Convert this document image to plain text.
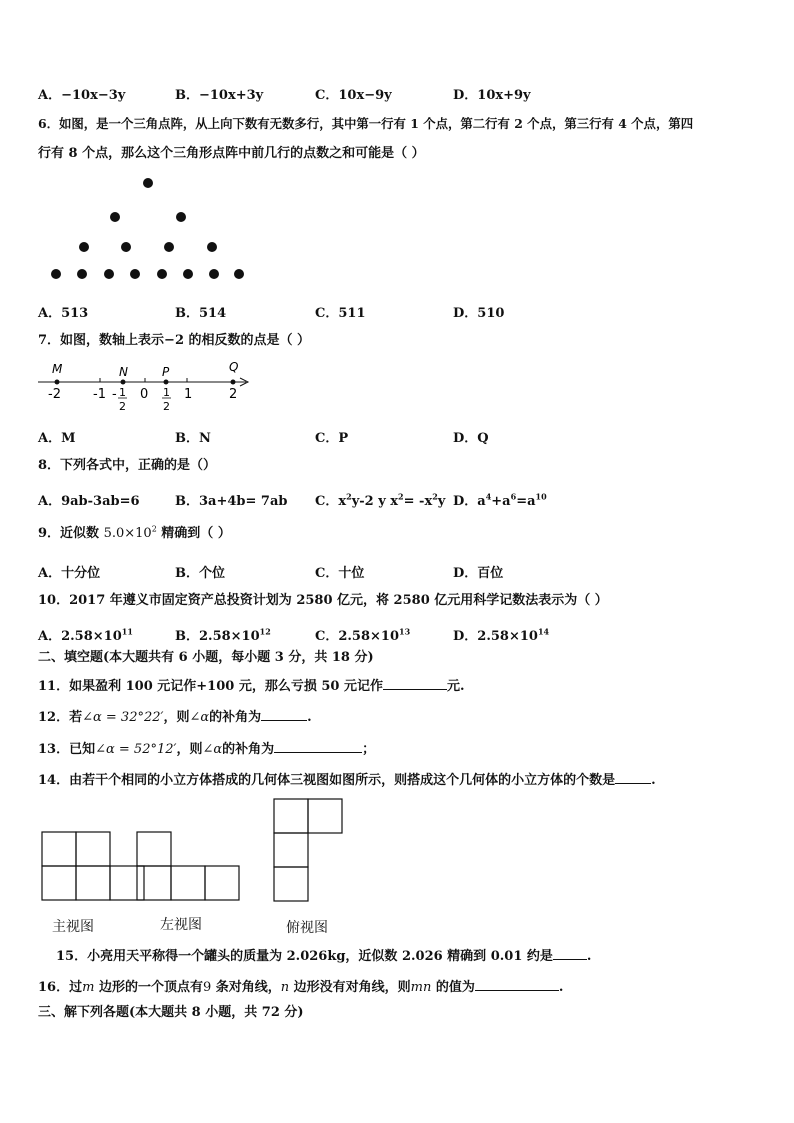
A．−10x−3y	B．−10x+3y	C．10x−9y	D．10x+9y
6．如图，是一个三角点阵，从上向下数有无数多行，其中第一行有 1 个点，第二行有 2 个点，第三行有 4 个点，第四
行有 8 个点，那么这个三角形点阵中前几行的点数之和可能是（ ）
A．513	B．514	C．511	D．510
7．如图，数轴上表示−2 的相反数的点是（ ）
M	N	P	Q
-2 -1	0	1	2
- 1
2
1
2
A．M	B．N	C．P	D．Q
8．下列各式中，正确的是（）
A．9ab-3ab=6	B．3a+4b= 7ab C．$x^2y-2$ y $x^2= -x^2y$ D．$a^4+a^6=a^{10}$
9．近似数 $5.0\times 10^2$ 精确到（ ）
A．十分位	B．个位	C．十位	D．百位
10．2017 年遵义市固定资产总投资计划为 2580 亿元，将 2580 亿元用科学记数法表示为（ ）
A．$2.58\times 10^{11}$	B．$2.58\times 10^{12}$	C．$2.58\times 10^{13}$	D．$2.58\times 10^{14}$
二、填空题(本大题共有 6 小题，每小题 3 分，共 18 分)
11．如果盈利 100 元记作+100 元，那么亏损 50 元记作	元.
12．若∠α = 32°22′，则∠α的补角为	.
13．已知∠α = 52°12′，则∠α的补角为	；
14．由若干个相同的小立方体搭成的几何体三视图如图所示，则搭成这个几何体的小立方体的个数是	.
主视图	左视图	俯视图
15．小亮用天平称得一个罐头的质量为 2.026kg，近似数 2.026 精确到 0.01 约是	.
16．过m 边形的一个顶点有9 条对角线，n 边形没有对角线，则mn 的值为	.
三、解下列各题(本大题共 8 小题，共 72 分)
